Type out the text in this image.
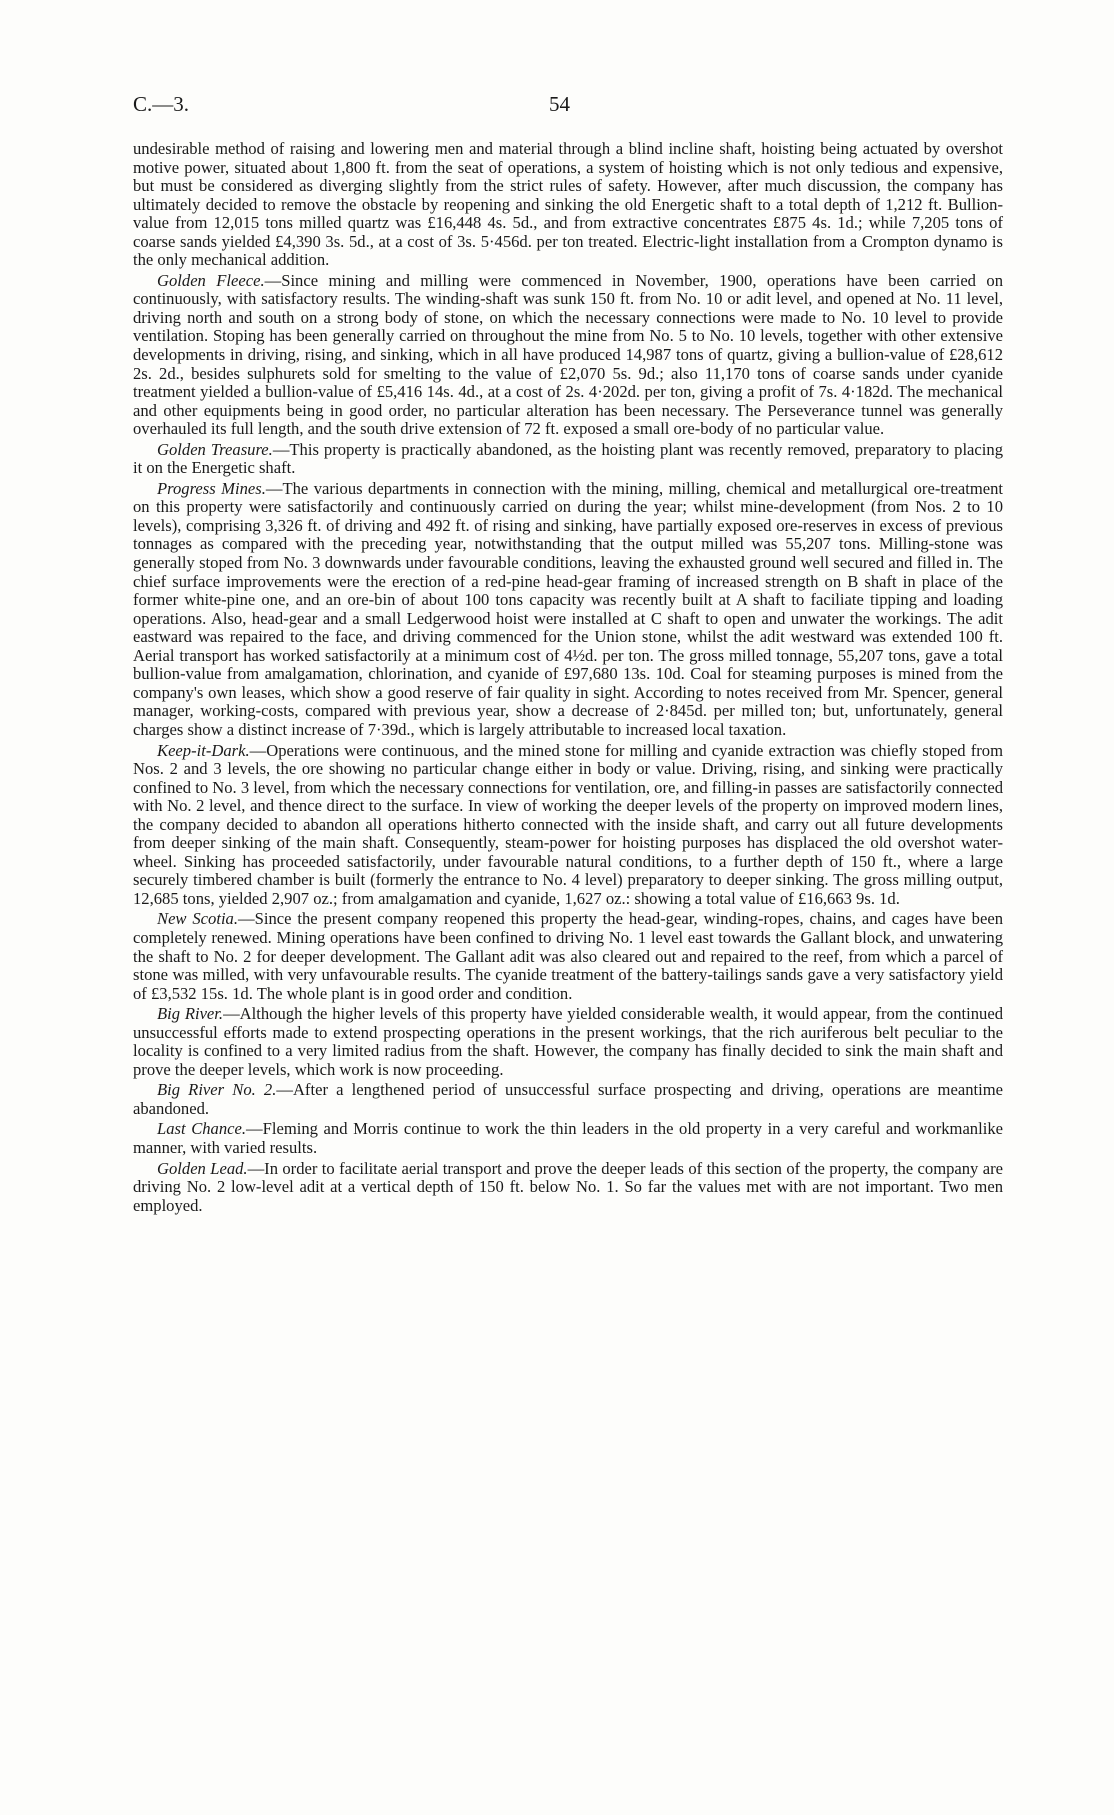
C.—3.	54

undesirable method of raising and lowering men and material through a blind incline shaft, hoisting being actuated by overshot motive power, situated about 1,800 ft. from the seat of operations, a system of hoisting which is not only tedious and expensive, but must be considered as diverging slightly from the strict rules of safety. However, after much discussion, the company has ultimately decided to remove the obstacle by reopening and sinking the old Energetic shaft to a total depth of 1,212 ft. Bullion-value from 12,015 tons milled quartz was £16,448 4s. 5d., and from extractive concentrates £875 4s. 1d.; while 7,205 tons of coarse sands yielded £4,390 3s. 5d., at a cost of 3s. 5·456d. per ton treated. Electric-light installation from a Crompton dynamo is the only mechanical addition.

Golden Fleece.—Since mining and milling were commenced in November, 1900, operations have been carried on continuously, with satisfactory results. The winding-shaft was sunk 150 ft. from No. 10 or adit level, and opened at No. 11 level, driving north and south on a strong body of stone, on which the necessary connections were made to No. 10 level to provide ventilation. Stoping has been generally carried on throughout the mine from No. 5 to No. 10 levels, together with other extensive developments in driving, rising, and sinking, which in all have produced 14,987 tons of quartz, giving a bullion-value of £28,612 2s. 2d., besides sulphurets sold for smelting to the value of £2,070 5s. 9d.; also 11,170 tons of coarse sands under cyanide treatment yielded a bullion-value of £5,416 14s. 4d., at a cost of 2s. 4·202d. per ton, giving a profit of 7s. 4·182d. The mechanical and other equipments being in good order, no particular alteration has been necessary. The Perseverance tunnel was generally overhauled its full length, and the south drive extension of 72 ft. exposed a small ore-body of no particular value.

Golden Treasure.—This property is practically abandoned, as the hoisting plant was recently removed, preparatory to placing it on the Energetic shaft.

Progress Mines.—The various departments in connection with the mining, milling, chemical and metallurgical ore-treatment on this property were satisfactorily and continuously carried on during the year; whilst mine-development (from Nos. 2 to 10 levels), comprising 3,326 ft. of driving and 492 ft. of rising and sinking, have partially exposed ore-reserves in excess of previous tonnages as compared with the preceding year, notwithstanding that the output milled was 55,207 tons. Milling-stone was generally stoped from No. 3 downwards under favourable conditions, leaving the exhausted ground well secured and filled in. The chief surface improvements were the erection of a red-pine head-gear framing of increased strength on B shaft in place of the former white-pine one, and an ore-bin of about 100 tons capacity was recently built at A shaft to faciliate tipping and loading operations. Also, head-gear and a small Ledgerwood hoist were installed at C shaft to open and unwater the workings. The adit eastward was repaired to the face, and driving commenced for the Union stone, whilst the adit westward was extended 100 ft. Aerial transport has worked satisfactorily at a minimum cost of 4½d. per ton. The gross milled tonnage, 55,207 tons, gave a total bullion-value from amalgamation, chlorination, and cyanide of £97,680 13s. 10d. Coal for steaming purposes is mined from the company's own leases, which show a good reserve of fair quality in sight. According to notes received from Mr. Spencer, general manager, working-costs, compared with previous year, show a decrease of 2·845d. per milled ton; but, unfortunately, general charges show a distinct increase of 7·39d., which is largely attributable to increased local taxation.

Keep-it-Dark.—Operations were continuous, and the mined stone for milling and cyanide extraction was chiefly stoped from Nos. 2 and 3 levels, the ore showing no particular change either in body or value. Driving, rising, and sinking were practically confined to No. 3 level, from which the necessary connections for ventilation, ore, and filling-in passes are satisfactorily connected with No. 2 level, and thence direct to the surface. In view of working the deeper levels of the property on improved modern lines, the company decided to abandon all operations hitherto connected with the inside shaft, and carry out all future developments from deeper sinking of the main shaft. Consequently, steam-power for hoisting purposes has displaced the old overshot water-wheel. Sinking has proceeded satisfactorily, under favourable natural conditions, to a further depth of 150 ft., where a large securely timbered chamber is built (formerly the entrance to No. 4 level) preparatory to deeper sinking. The gross milling output, 12,685 tons, yielded 2,907 oz.; from amalgamation and cyanide, 1,627 oz.: showing a total value of £16,663 9s. 1d.

New Scotia.—Since the present company reopened this property the head-gear, winding-ropes, chains, and cages have been completely renewed. Mining operations have been confined to driving No. 1 level east towards the Gallant block, and unwatering the shaft to No. 2 for deeper development. The Gallant adit was also cleared out and repaired to the reef, from which a parcel of stone was milled, with very unfavourable results. The cyanide treatment of the battery-tailings sands gave a very satisfactory yield of £3,532 15s. 1d. The whole plant is in good order and condition.

Big River.—Although the higher levels of this property have yielded considerable wealth, it would appear, from the continued unsuccessful efforts made to extend prospecting operations in the present workings, that the rich auriferous belt peculiar to the locality is confined to a very limited radius from the shaft. However, the company has finally decided to sink the main shaft and prove the deeper levels, which work is now proceeding.

Big River No. 2.—After a lengthened period of unsuccessful surface prospecting and driving, operations are meantime abandoned.

Last Chance.—Fleming and Morris continue to work the thin leaders in the old property in a very careful and workmanlike manner, with varied results.

Golden Lead.—In order to facilitate aerial transport and prove the deeper leads of this section of the property, the company are driving No. 2 low-level adit at a vertical depth of 150 ft. below No. 1. So far the values met with are not important. Two men employed.
